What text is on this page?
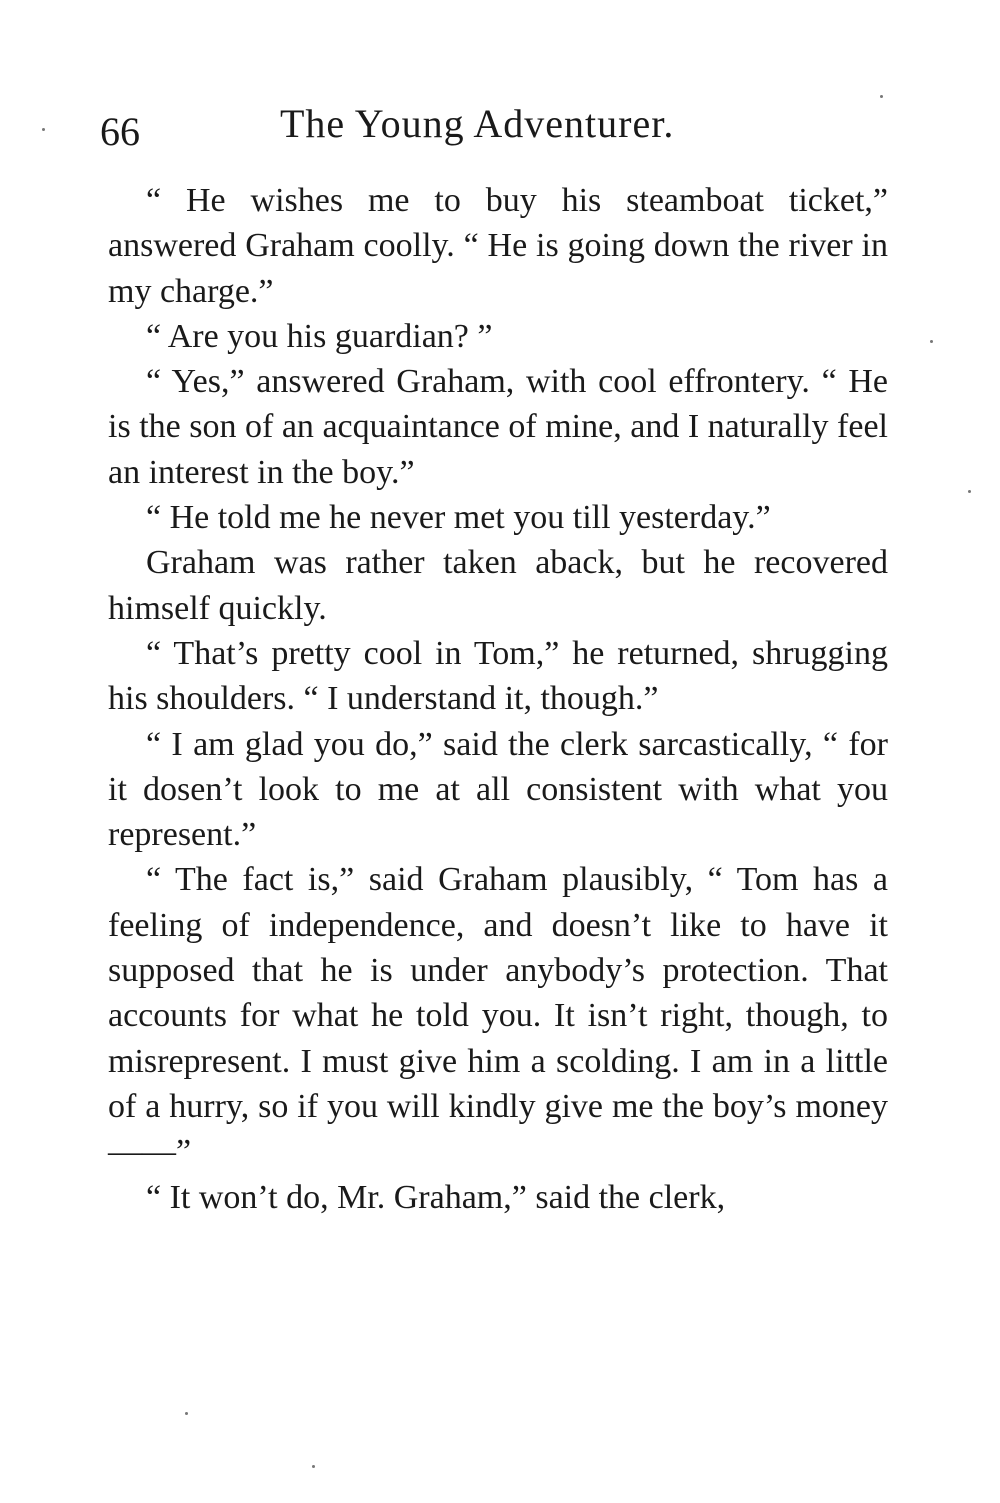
66	The Young Adventurer.

“ He wishes me to buy his steamboat ticket,” answered Graham coolly. “ He is going down the river in my charge.”

“ Are you his guardian? ”

“ Yes,” answered Graham, with cool effrontery. “ He is the son of an acquaintance of mine, and I naturally feel an interest in the boy.”

“ He told me he never met you till yesterday.”

Graham was rather taken aback, but he recovered himself quickly.

“ That’s pretty cool in Tom,” he returned, shrugging his shoulders. “ I understand it, though.”

“ I am glad you do,” said the clerk sarcastically, “ for it dosen’t look to me at all consistent with what you represent.”

“ The fact is,” said Graham plausibly, “ Tom has a feeling of independence, and doesn’t like to have it supposed that he is under anybody’s protection. That accounts for what he told you. It isn’t right, though, to misrepresent. I must give him a scolding. I am in a little of a hurry, so if you will kindly give me the boy’s money——”

“ It won’t do, Mr. Graham,” said the clerk,
